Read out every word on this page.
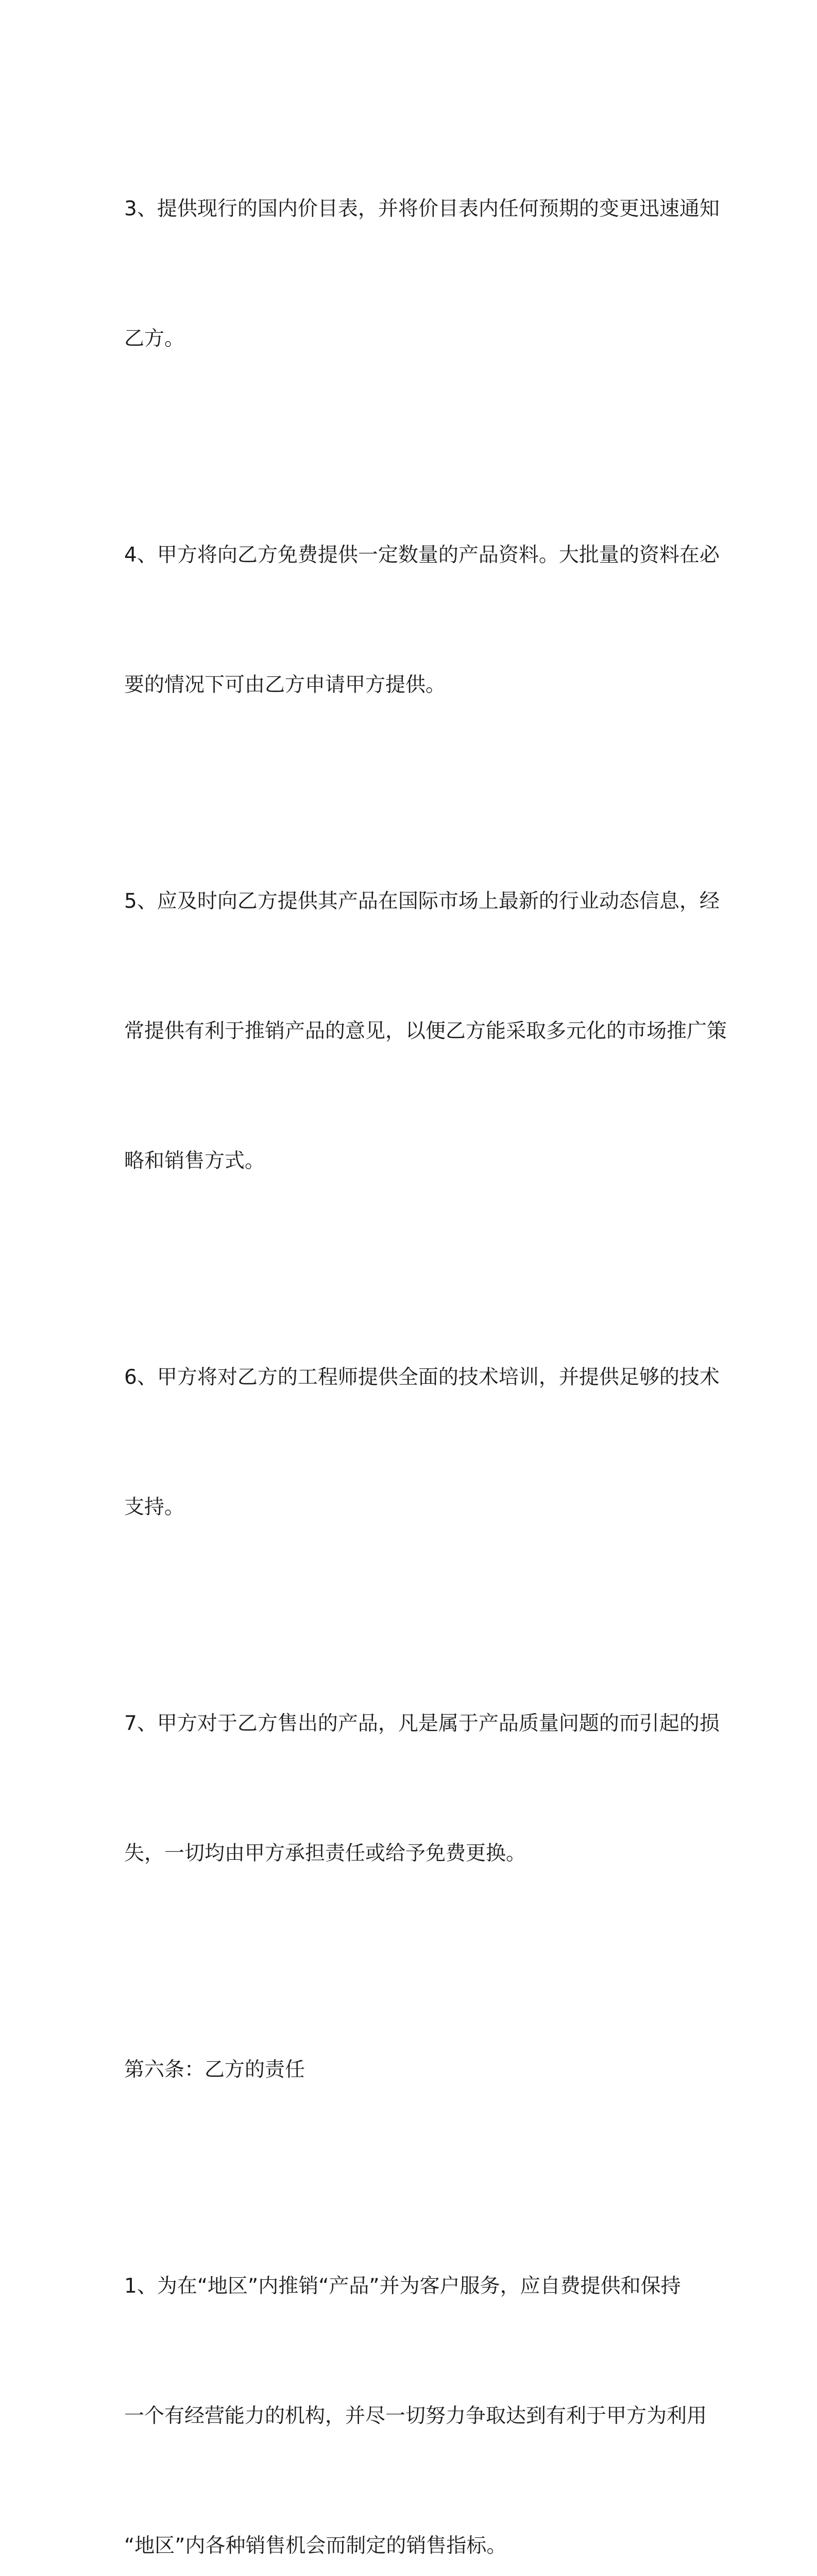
3、提供现行的国内价目表，并将价目表内任何预期的变更迅速通知

乙方。

4、甲方将向乙方免费提供一定数量的产品资料。大批量的资料在必

要的情况下可由乙方申请甲方提供。

5、应及时向乙方提供其产品在国际市场上最新的行业动态信息，经

常提供有利于推销产品的意见，以便乙方能采取多元化的市场推广策

略和销售方式。

6、甲方将对乙方的工程师提供全面的技术培训，并提供足够的技术

支持。

7、甲方对于乙方售出的产品，凡是属于产品质量问题的而引起的损

失，一切均由甲方承担责任或给予免费更换。

第六条：乙方的责任

1、为在“地区”内推销“产品”并为客户服务，应自费提供和保持

一个有经营能力的机构，并尽一切努力争取达到有利于甲方为利用

“地区”内各种销售机会而制定的销售指标。
